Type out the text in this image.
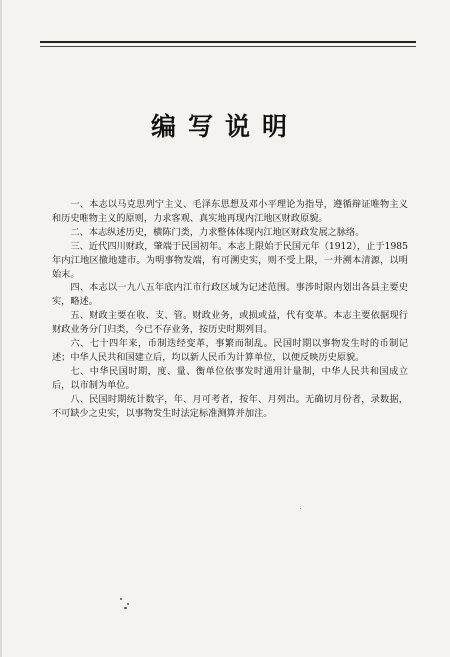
编写说明

一、本志以马克思列宁主义、毛泽东思想及邓小平理论为指导，遵循辩证唯物主义和历史唯物主义的原则，力求客观、真实地再现内江地区财政原貌。

二、本志纵述历史，横陈门类，力求整体体现内江地区财政发展之脉络。

三、近代四川财政，肇端于民国初年。本志上限始于民国元年（1912），止于1985年内江地区撤地建市。为明事物发端，有可溯史实，则不受上限，一并溯本清源，以明始末。

四、本志以一九八五年底内江市行政区域为记述范围。事涉时限内划出各县主要史实，略述。

五、财政主要在收、支、管。财政业务，或损或益，代有变革。本志主要依据现行财政业务分门归类，今已不存业务，按历史时期列目。

六、七十四年来，币制迭经变革，事繁而制乱。民国时期以事物发生时的币制记述；中华人民共和国建立后，均以新人民币为计算单位，以便反映历史原貌。

七、中华民国时期，度、量、衡单位依事发时通用计量制，中华人民共和国成立后，以市制为单位。

八、民国时期统计数字，年、月可考者，按年、月列出。无确切月份者，录数据，不可缺少之史实，以事物发生时法定标准测算并加注。
